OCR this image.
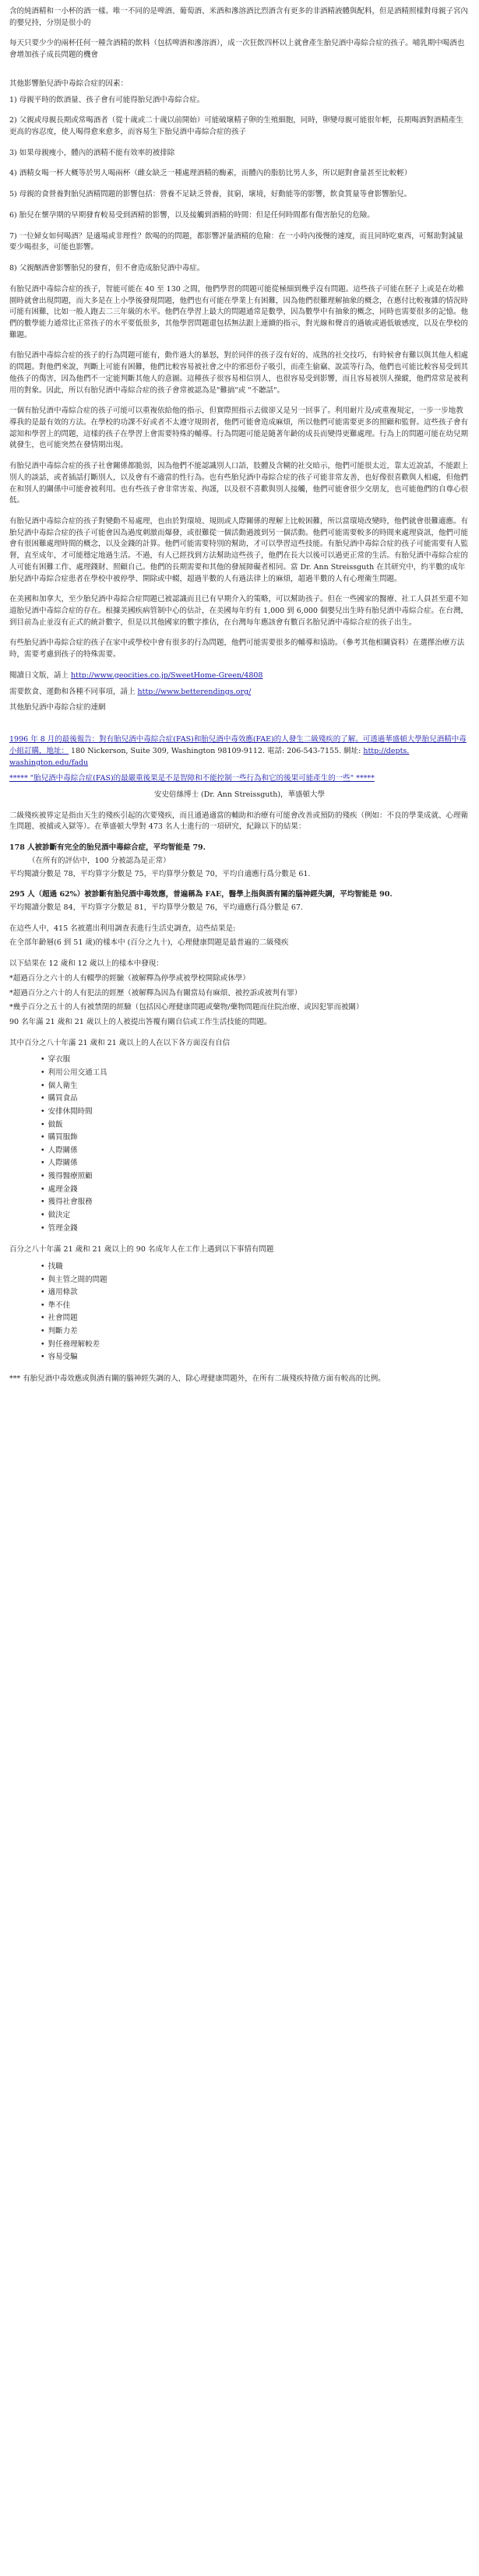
含的純酒精和一小杯的酒一樣。唯一不同的是啤酒、葡萄酒、米酒和滲溶酒比烈酒含有更多的非酒精液體與配料，但是酒精照樣對母親子宮內的嬰兒持，分別是很小的

每天只要少少的兩杯任何一種含酒精的飲料（包括啤酒和滲溶酒），成一次狂飲四杯以上就會產生胎兒酒中毒綜合症的孩子。哺乳期中喝酒也會增加孩子成長問題的機會

其他影響胎兒酒中毒綜合症的因素：

1) 母親平時的飲酒量、孩子會有可能得胎兒酒中毒綜合症。

2) 父親或母親長期或常喝酒者（從十歲或二十歲以前開始）可能破壞精子卵的生殖細胞，同時，卵變母親可能很年輕，長期喝酒對酒精產生更高的容忍度，使人喝得愈來愈多，而容易生下胎兒酒中毒綜合症的孩子

3) 如果母親瘦小，體內的酒精不能有效率的被排除

4) 酒精女喝一杯大概等於男人喝兩杯（雌女缺乏一種處理酒精的酶素，而體內的脂肪比男人多，所以絕對會量甚至比較輕）

5) 母親的食營養對胎兒酒精問題的影響包括：營養不足缺乏營養，貧窮，壞境，好動能等的影響，飲食質量等會影響胎兒。

6) 胎兒在懷孕期的早期發育較易受到酒精的影響，以及接觸到酒精的時間：但是任何時間都有傷害胎兒的危險。

7) 一位婦女如何喝酒？是適場或非理性？飲喝的的問題，都影響評量酒精的危險：在一小時內後慢的速度，而且同時吃東西，可幫助對減量要少喝很多，可能也影響。

8) 父親酗酒會影響胎兒的發育，但不會造成胎兒酒中毒症。

有胎兒酒中毒綜合症的孩子，智能可能在 40 至 130 之間，他們學習的問題可能從極細到幾乎沒有問題。這些孩子可能在胚子上或是在幼稚園時就會出現問題，而大多是在上小學後發現問題，他們也有可能在學業上有困難，因為他們很難理解抽象的概念，在應付比較複雜的情況時可能有困難，比如一般人跑去二三年級的水平。他們在學習上最大的問題通常是數學，因為數學中有抽象的概念，同時也需要很多的記憶。他們的數學能力通常比正常孩子的水平要低很多，其他學習問題還包括無法跟上連續的指示，對光線和聲音的過敏或過低敏感度，以及在學校的難題。

有胎兒酒中毒綜合症的孩子的行為問題可能有，動作過大的暴怒，對於同伴的孩子沒有好的、成熟的社交技巧，有時候會有難以與其他人相處的問題。對他們來說，判斷上可能有困難，他們比較容易被社會之中的邪惡份子吸引，而產生偷竊、說謊等行為，他們也可能比較容易受到其他孩子的傷害，因為他們不一定能判斷其他人的意圖。這種孩子很容易相信別人，也很容易受到影響，而且容易被別人操縱，他們常常是被利用的對象。因此，所以有胎兒酒中毒綜合症的孩子會常被認為是"難搞"或 "不聽話"。

一個有胎兒酒中毒綜合症的孩子可能可以重複依給他的指示，但實際照指示去做卻又是另一回事了。利用耐片及/或重複規定，一步一步地教導我的是最有效的方法。在學校的功課不好或者不太遵守規則者，他們可能會造成麻煩，所以他們可能需要更多的照顧和監督。這些孩子會有認知和學習上的問題，這樣的孩子在學習上會需要特殊的輔導。行為問題可能是隨著年齡的成長而變得更難處理。行為上的問題可能在幼兒期就發生，也可能突然在發情期出現。

有胎兒酒中毒綜合症的孩子社會關係都脆弱，因為他們不能認識別人口語，肢體及含糊的社交暗示，他們可能很太近，靠太近說話，不能跟上別人的談話，或者插話打斷別人，以及會有不適當的性行為。也有些胎兒酒中毒綜合症的孩子可能非常友善，也好像很喜歡與人相處，但他們在和別人的關係中可能會被利用。也有些孩子會非常害羞、拘謹，以及很不喜歡與別人接觸，他們可能會很少交朋友，也可能他們的自尊心很低。

有胎兒酒中毒綜合症的孩子對變動不易處理，也由於對環境、規則或人際關係的理解上比較困難，所以當環境改變時，他們就會很難適應。有胎兒酒中毒綜合症的孩子可能會因為過度刺激而爆發，或很難從一個活動過渡到另一個活動。他們可能需要較多的時間來處理資訊，他們可能會有很困難處理時間的概念，以及金錢的計算。他們可能需要特別的幫助，才可以學習這些技能。有胎兒酒中毒綜合症的孩子可能需要有人監督，直至成年，才可能穩定地過生活。不過，有人已經找到方法幫助這些孩子，他們在長大以後可以過更正常的生活。有胎兒酒中毒綜合症的人可能有困難工作、處理錢財、照顧自己。他們的長期需要和其他的發展障礙者相同。當 Dr. Ann Streissguth 在其研究中，約半數的成年胎兒酒中毒綜合症患者在學校中被停學、開除或中輟，超過半數的人有過法律上的麻煩，超過半數的人有心理衛生問題。

在美國和加拿大，至少胎兒酒中毒綜合症問題已被認識而且已有早期介入的策略，可以幫助孩子。但在一些國家的醫療、社工人員甚至還不知道胎兒酒中毒綜合症的存在。根據美國疾病管制中心的估計，在美國每年約有 1,000 到 6,000 個嬰兒出生時有胎兒酒中毒綜合症。在台灣，到目前為止並沒有正式的統計數字，但是以其他國家的數字推估，在台灣每年應該會有數百名胎兒酒中毒綜合症的孩子出生。

有些胎兒酒中毒綜合症的孩子在家中或學校中會有很多的行為問題，他們可能需要很多的輔導和協助。（參考其他相關資料）在選擇治療方法時，需要考慮到孩子的特殊需要。

閱讀日文版，請上 http://www.geocities.co.jp/SweetHome-Green/4808

需要飲食、運動和各種不同事項，請上 http://www.betterendings.org/

其他胎兒酒中毒綜合症的連網

1996 年 8 月的最後報告：對有胎兒酒中毒綜合症(FAS)和胎兒酒中毒效應(FAE)的人發生二級殘疾的了解。可透過華盛頓大學胎兒酒精中毒小組訂購，地址： 180 Nickerson, Suite 309, Washington 98109-9112. 電話: 206-543-7155. 網址: http://depts. washington.edu/fadu

***** "胎兒酒中毒綜合症(FAS)的最嚴重後果是不是智障和不能控制一些行為和它的後果可能產生的一些" *****

安史倍絲博士 (Dr. Ann Streissguth)，華盛頓大學

二級殘疾被界定是指由天生的殘疾引起的次要殘疾，而且通過適當的輔助和治療有可能會改善或預防的殘疾（例如：不良的學業成就、心理衛生問題、被捕或入獄等）。在華盛頓大學對 473 名人士進行的一項研究，紀錄以下的結果：

178 人被診斷有完全的胎兒酒中毒綜合症，平均智能是 79.

（在所有的評估中，100 分被認為是正常）

平均閱讀分數是 78，平均算字分數是 75，平均算學分數是 70，平均自適應行爲分數是 61.

295 人（超過 62%）被診斷有胎兒酒中毒效應，普遍稱為 FAE，醫學上指與酒有關的腦神經失調，平均智能是 90.

平均閱讀分數是 84，平均算字分數是 81，平均算學分數是 76，平均適應行爲分數是 67.

在這些人中，415 名被選出利用調查表進行生活史調查，這些結果是:

在全部年齡層(6 到 51 歲)的樣本中 (百分之九十)，心理健康問題是最普遍的二級殘疾

以下結果在 12 歲和 12 歲以上的樣本中發現：

*超過百分之六十的人有輟學的經驗（被解釋為停學或被學校開除或休學）

*超過百分之六十的人有犯法的經歷（被解釋為因為有關當局有麻煩、被控訴或被判有罪）

*幾乎百分之五十的人有被禁閉的經驗（包括因心理健康問題或藥物/藥物問題而住院治療、或因犯罪而被關）

90 名年滿 21 歲和 21 歲以上的人被提出答覆有關自信或工作生活技能的問題。

其中百分之八十年滿 21 歲和 21 歲以上的人在以下各方面沒有自信

• 穿衣服
• 利用公用交通工具
• 個人衛生
• 購買食品
• 安排休閒時間
• 做飯
• 購買服飾
• 人際關係
• 人際關係
• 獲得醫療照顧
• 處理金錢
• 獲得社會服務
• 做決定
• 管理金錢

百分之八十年滿 21 歲和 21 歲以上的 90 名成年人在工作上遇到以下事情有問題

• 找職
• 與主管之間的問題
• 適用條款
• 準不佳
• 社會問題
• 判斷力差
• 對任務理解較差
• 容易受騙

*** 有胎兒酒中毒效應或與酒有關的腦神經失調的人，除心理健康問題外，在所有二級殘疾特徵方面有較高的比例。
